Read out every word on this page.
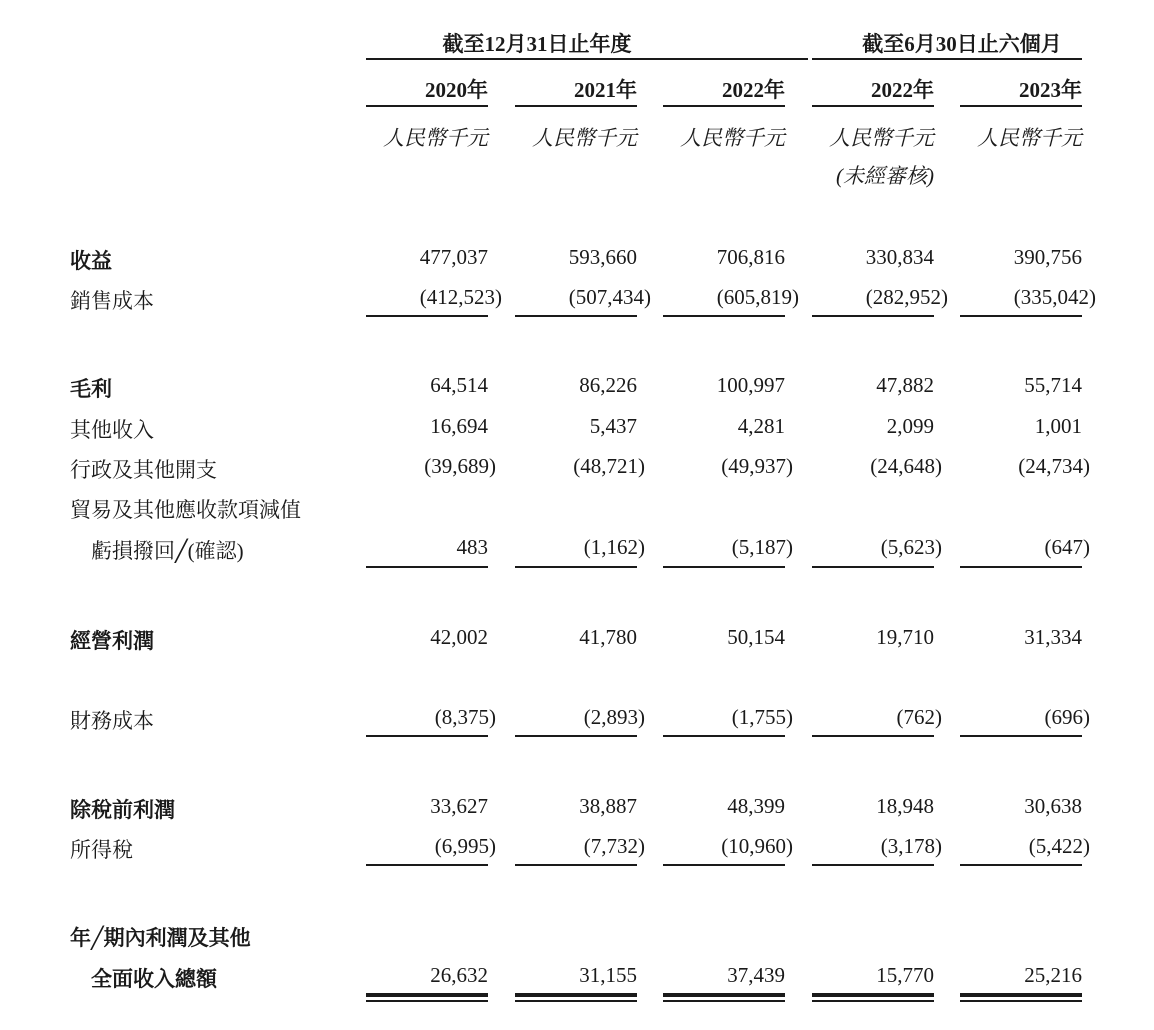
截至12月31日止年度	截至6月30日止六個月
2020年	2021年	2022年	2022年	2023年
人民幣千元	人民幣千元	人民幣千元	人民幣千元	人民幣千元
(未經審核)
收益	477,037	593,660	706,816	330,834	390,756
銷售成本	(412,523)	(507,434)	(605,819)	(282,952)	(335,042)
毛利	64,514	86,226	100,997	47,882	55,714
其他收入	16,694	5,437	4,281	2,099	1,001
行政及其他開支	(39,689)	(48,721)	(49,937)	(24,648)	(24,734)
貿易及其他應收款項減值
虧損撥回╱(確認)	483	(1,162)	(5,187)	(5,623)	(647)
經營利潤	42,002	41,780	50,154	19,710	31,334
財務成本	(8,375)	(2,893)	(1,755)	(762)	(696)
除稅前利潤	33,627	38,887	48,399	18,948	30,638
所得稅	(6,995)	(7,732)	(10,960)	(3,178)	(5,422)
年╱期內利潤及其他
全面收入總額	26,632	31,155	37,439	15,770	25,216
